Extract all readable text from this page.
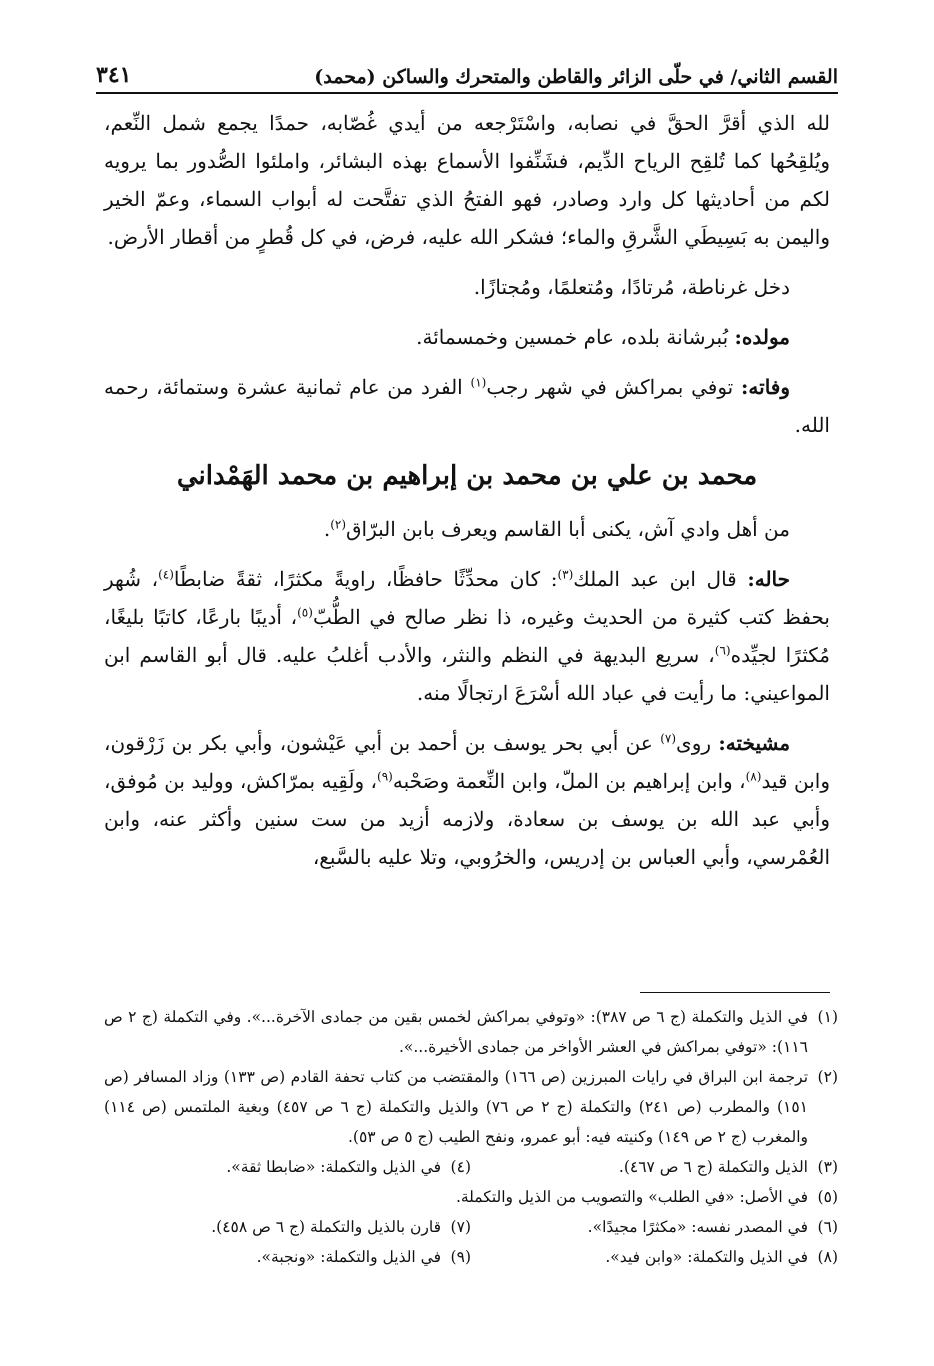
القسم الثاني/ في حلّى الزائر والقاطن والمتحرك والساكن (محمد)
٣٤١

لله الذي أقرَّ الحقَّ في نصابه، واسْتَرْجعه من أيدي غُصّابه، حمدًا يجمع شمل النِّعم، ويُلقِحُها كما تُلقِح الرياح الدِّيم، فشَنِّفوا الأسماع بهذه البشائر، واملئوا الصُّدور بما يرويه لكم من أحاديثها كل وارد وصادر، فهو الفتحُ الذي تفتَّحت له أبواب السماء، وعمّ الخير واليمن به بَسِيطَي الشَّرقِ والماء؛ فشكر الله عليه، فرض، في كل قُطرٍ من أقطار الأرض.

دخل غرناطة، مُرتادًا، ومُتعلمًا، ومُجتازًا.

مولده: بُبرشانة بلده، عام خمسين وخمسمائة.

وفاته: توفي بمراكش في شهر رجب$^{(١)}$ الفرد من عام ثمانية عشرة وستمائة، رحمه الله.

محمد بن علي بن محمد بن إبراهيم بن محمد الهَمْداني

من أهل وادي آش، يكنى أبا القاسم ويعرف بابن البرّاق$^{(٢)}$.

حاله: قال ابن عبد الملك$^{(٣)}$: كان محدِّثًا حافظًا، راويةً مكثرًا، ثقةً ضابطًا$^{(٤)}$، شُهر بحفظ كتب كثيرة من الحديث وغيره، ذا نظر صالح في الطُّبّ$^{(٥)}$، أديبًا بارعًا، كاتبًا بليغًا، مُكثرًا لجيِّده$^{(٦)}$، سريع البديهة في النظم والنثر، والأدب أغلبُ عليه. قال أبو القاسم ابن المواعيني: ما رأيت في عباد الله أسْرَعَ ارتجالًا منه.

مشيخته: روى$^{(٧)}$ عن أبي بحر يوسف بن أحمد بن أبي عَيْشون، وأبي بكر بن زَرْقون، وابن قيد$^{(٨)}$، وابن إبراهيم بن الملّ، وابن النِّعمة وصَحْبه$^{(٩)}$، ولَقِيه بمرّاكش، ووليد بن مُوفق، وأبي عبد الله بن يوسف بن سعادة، ولازمه أزيد من ست سنين وأكثر عنه، وابن العُمْرسي، وأبي العباس بن إدريس، والخرُوبي، وتلا عليه بالسَّبع،

(١)
في الذيل والتكملة (ج ٦ ص ٣٨٧): «وتوفي بمراكش لخمس بقين من جمادى الآخرة...». وفي التكملة (ج ٢ ص ١١٦): «توفي بمراكش في العشر الأواخر من جمادى الأخيرة...».
(٢)
ترجمة ابن البراق في رايات المبرزين (ص ١٦٦) والمقتضب من كتاب تحفة القادم (ص ١٣٣) وزاد المسافر (ص ١٥١) والمطرب (ص ٢٤١) والتكملة (ج ٢ ص ٧٦) والذيل والتكملة (ج ٦ ص ٤٥٧) وبغية الملتمس (ص ١١٤) والمغرب (ج ٢ ص ١٤٩) وكنيته فيه: أبو عمرو، ونفح الطيب (ج ٥ ص ٥٣).
(٣)
الذيل والتكملة (ج ٦ ص ٤٦٧).
(٤)
في الذيل والتكملة: «ضابطا ثقة».
(٥)
في الأصل: «في الطلب» والتصويب من الذيل والتكملة.
(٦)
في المصدر نفسه: «مكثرًا مجيدًا».
(٧)
قارن بالذيل والتكملة (ج ٦ ص ٤٥٨).
(٨)
في الذيل والتكملة: «وابن فيد».
(٩)
في الذيل والتكملة: «ونجبة».
